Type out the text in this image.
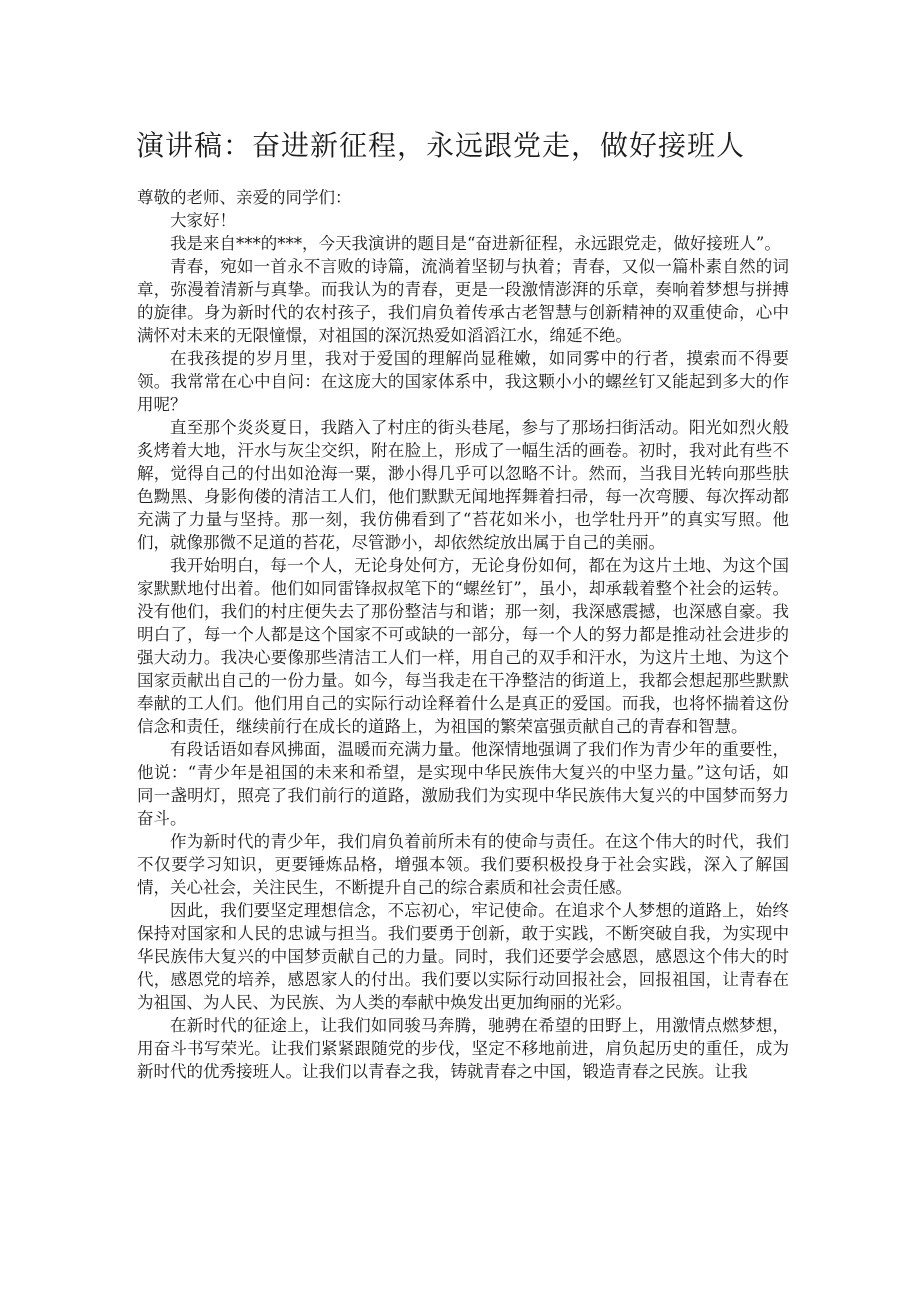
演讲稿：奋进新征程，永远跟党走，做好接班人

尊敬的老师、亲爱的同学们：

大家好！

我是来自***的***，今天我演讲的题目是“奋进新征程，永远跟党走，做好接班人”。

青春，宛如一首永不言败的诗篇，流淌着坚韧与执着；青春，又似一篇朴素自然的词章，弥漫着清新与真挚。而我认为的青春，更是一段激情澎湃的乐章，奏响着梦想与拼搏的旋律。身为新时代的农村孩子，我们肩负着传承古老智慧与创新精神的双重使命，心中满怀对未来的无限憧憬，对祖国的深沉热爱如滔滔江水，绵延不绝。

在我孩提的岁月里，我对于爱国的理解尚显稚嫩，如同雾中的行者，摸索而不得要领。我常常在心中自问：在这庞大的国家体系中，我这颗小小的螺丝钉又能起到多大的作用呢？

直至那个炎炎夏日，我踏入了村庄的街头巷尾，参与了那场扫街活动。阳光如烈火般炙烤着大地，汗水与灰尘交织，附在脸上，形成了一幅生活的画卷。初时，我对此有些不解，觉得自己的付出如沧海一粟，渺小得几乎可以忽略不计。然而，当我目光转向那些肤色黝黑、身影佝偻的清洁工人们，他们默默无闻地挥舞着扫帚，每一次弯腰、每次挥动都充满了力量与坚持。那一刻，我仿佛看到了“苔花如米小，也学牡丹开”的真实写照。他们，就像那微不足道的苔花，尽管渺小，却依然绽放出属于自己的美丽。

我开始明白，每一个人，无论身处何方，无论身份如何，都在为这片土地、为这个国家默默地付出着。他们如同雷锋叔叔笔下的“螺丝钉”，虽小，却承载着整个社会的运转。没有他们，我们的村庄便失去了那份整洁与和谐；那一刻，我深感震撼，也深感自豪。我明白了，每一个人都是这个国家不可或缺的一部分，每一个人的努力都是推动社会进步的强大动力。我决心要像那些清洁工人们一样，用自己的双手和汗水，为这片土地、为这个国家贡献出自己的一份力量。如今，每当我走在干净整洁的街道上，我都会想起那些默默奉献的工人们。他们用自己的实际行动诠释着什么是真正的爱国。而我，也将怀揣着这份信念和责任，继续前行在成长的道路上，为祖国的繁荣富强贡献自己的青春和智慧。

有段话语如春风拂面，温暖而充满力量。他深情地强调了我们作为青少年的重要性，他说：“青少年是祖国的未来和希望，是实现中华民族伟大复兴的中坚力量。”这句话，如同一盏明灯，照亮了我们前行的道路，激励我们为实现中华民族伟大复兴的中国梦而努力奋斗。

作为新时代的青少年，我们肩负着前所未有的使命与责任。在这个伟大的时代，我们不仅要学习知识，更要锤炼品格，增强本领。我们要积极投身于社会实践，深入了解国情，关心社会，关注民生，不断提升自己的综合素质和社会责任感。

因此，我们要坚定理想信念，不忘初心，牢记使命。在追求个人梦想的道路上，始终保持对国家和人民的忠诚与担当。我们要勇于创新，敢于实践，不断突破自我，为实现中华民族伟大复兴的中国梦贡献自己的力量。同时，我们还要学会感恩，感恩这个伟大的时代，感恩党的培养，感恩家人的付出。我们要以实际行动回报社会，回报祖国，让青春在为祖国、为人民、为民族、为人类的奉献中焕发出更加绚丽的光彩。

在新时代的征途上，让我们如同骏马奔腾，驰骋在希望的田野上，用激情点燃梦想，用奋斗书写荣光。让我们紧紧跟随党的步伐，坚定不移地前进，肩负起历史的重任，成为新时代的优秀接班人。让我们以青春之我，铸就青春之中国，锻造青春之民族。让我
